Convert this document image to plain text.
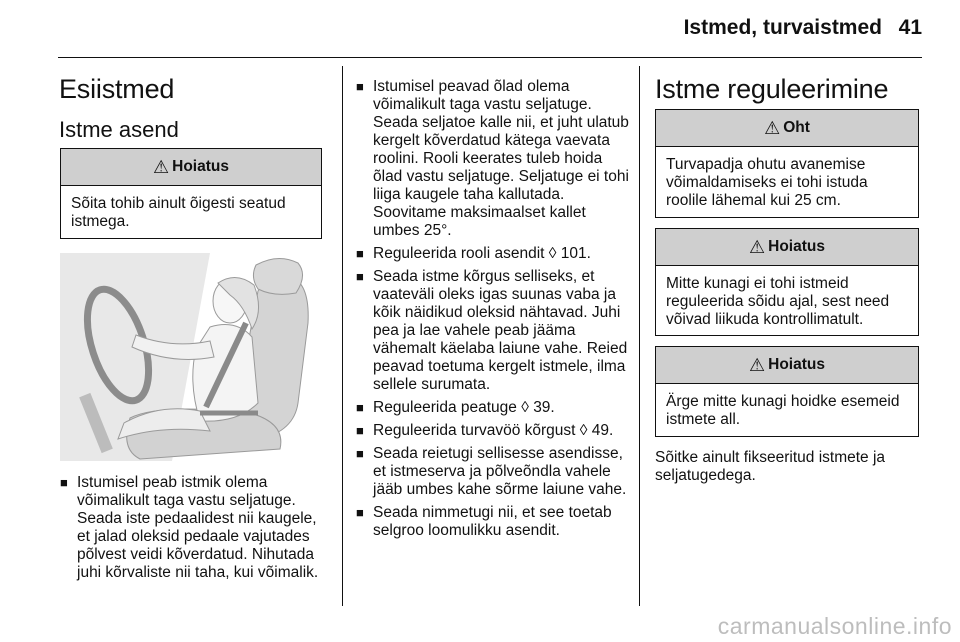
Istmed, turvaistmed 41
Esiistmed
Istme asend
⚠ Hoiatus
Sõita tohib ainult õigesti seatud istmega.
■ Istumisel peab istmik olema võimalikult taga vastu seljatuge. Seada iste pedaalidest nii kaugele, et jalad oleksid pedaale vajutades põlvest veidi kõverdatud. Nihutada juhi kõrvaliste nii taha, kui võimalik.
■ Istumisel peavad õlad olema võimalikult taga vastu seljatuge. Seada seljatoe kalle nii, et juht ulatub kergelt kõverdatud kätega vaevata roolini. Rooli keerates tuleb hoida õlad vastu seljatuge. Seljatuge ei tohi liiga kaugele taha kallutada. Soovitame maksimaalset kallet umbes 25°.
■ Reguleerida rooli asendit ◊ 101.
■ Seada istme kõrgus selliseks, et vaateväli oleks igas suunas vaba ja kõik näidikud oleksid nähtavad. Juhi pea ja lae vahele peab jääma vähemalt käelaba laiune vahe. Reied peavad toetuma kergelt istmele, ilma sellele surumata.
■ Reguleerida peatuge ◊ 39.
■ Reguleerida turvavöö kõrgust ◊ 49.
■ Seada reietugi sellisesse asendisse, et istmeserva ja põlveõndla vahele jääb umbes kahe sõrme laiune vahe.
■ Seada nimmetugi nii, et see toetab selgroo loomulikku asendit.
Istme reguleerimine
⚠ Oht
Turvapadja ohutu avanemise võimaldamiseks ei tohi istuda roolile lähemal kui 25 cm.
⚠ Hoiatus
Mitte kunagi ei tohi istmeid reguleerida sõidu ajal, sest need võivad liikuda kontrollimatult.
⚠ Hoiatus
Ärge mitte kunagi hoidke esemeid istmete all.

Sõitke ainult fikseeritud istmete ja seljatugedega.

carmanualsonline.info
